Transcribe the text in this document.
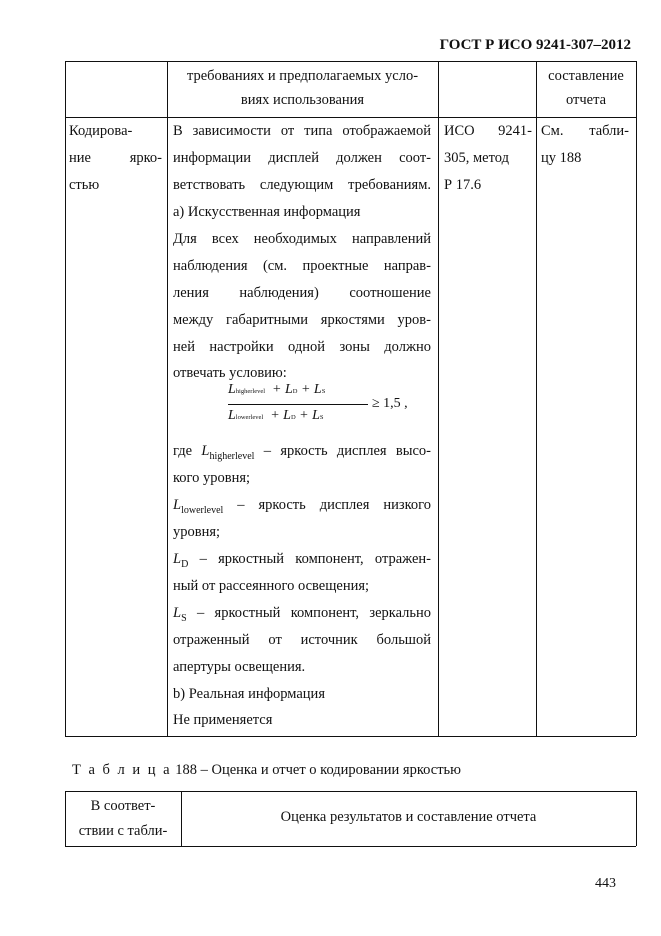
ГОСТ Р ИСО 9241-307–2012
требованиях и предполагаемых усло-
виях использования
составление
отчета
Кодирова-
ние ярко-
стью
В зависимости от типа отображаемой
информации дисплей должен соот-
ветствовать следующим требованиям.
а) Искусственная информация
Для всех необходимых направлений
наблюдения (см. проектные направ-
ления наблюдения) соотношение
между габаритными яркостями уров-
ней настройки одной зоны должно
отвечать условию:
Lhigherlevel  + LD + LS
Llowerlevel  + LD + LS
≥ 1,5 ,
где $L_{higherlevel}$ – яркость дисплея высо-
кого уровня;
$L_{lowerlevel}$ – яркость дисплея низкого
уровня;
$L_D$ – яркостный компонент, отражен-
ный от рассеянного освещения;
$L_S$ – яркостный компонент, зеркально
отраженный от источник большой
апертуры освещения.
b) Реальная информация
Не применяется
ИСО 9241-
305, метод
Р 17.6
См. табли-
цу 188
Т а б л и ц а 188 – Оценка и отчет о кодировании яркостью
В соответ-
ствии с табли-
Оценка результатов и составление отчета
443
